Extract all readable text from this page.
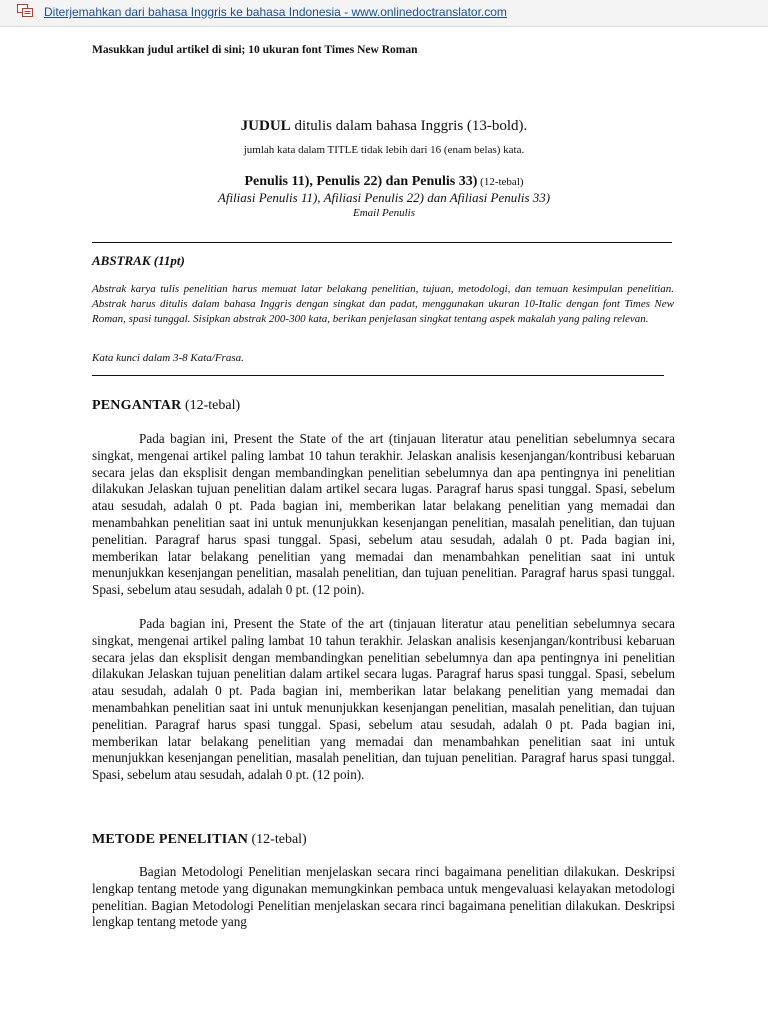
Diterjemahkan dari bahasa Inggris ke bahasa Indonesia - www.onlinedoctranslator.com
Masukkan judul artikel di sini; 10 ukuran font Times New Roman
JUDUL ditulis dalam bahasa Inggris (13-bold).
jumlah kata dalam TITLE tidak lebih dari 16 (enam belas) kata.
Penulis 11), Penulis 22) dan Penulis 33) (12-tebal)
Afiliasi Penulis 11), Afiliasi Penulis 22) dan Afiliasi Penulis 33)
Email Penulis
ABSTRAK (11pt)
Abstrak karya tulis penelitian harus memuat latar belakang penelitian, tujuan, metodologi, dan temuan kesimpulan penelitian. Abstrak harus ditulis dalam bahasa Inggris dengan singkat dan padat, menggunakan ukuran 10-Italic dengan font Times New Roman, spasi tunggal. Sisipkan abstrak 200-300 kata, berikan penjelasan singkat tentang aspek makalah yang paling relevan.
Kata kunci dalam 3-8 Kata/Frasa.
PENGANTAR (12-tebal)

Pada bagian ini, Present the State of the art (tinjauan literatur atau penelitian sebelumnya secara singkat, mengenai artikel paling lambat 10 tahun terakhir. Jelaskan analisis kesenjangan/kontribusi kebaruan secara jelas dan eksplisit dengan membandingkan penelitian sebelumnya dan apa pentingnya ini penelitian dilakukan Jelaskan tujuan penelitian dalam artikel secara lugas. Paragraf harus spasi tunggal. Spasi, sebelum atau sesudah, adalah 0 pt. Pada bagian ini, memberikan latar belakang penelitian yang memadai dan menambahkan penelitian saat ini untuk menunjukkan kesenjangan penelitian, masalah penelitian, dan tujuan penelitian. Paragraf harus spasi tunggal. Spasi, sebelum atau sesudah, adalah 0 pt. Pada bagian ini, memberikan latar belakang penelitian yang memadai dan menambahkan penelitian saat ini untuk menunjukkan kesenjangan penelitian, masalah penelitian, dan tujuan penelitian. Paragraf harus spasi tunggal. Spasi, sebelum atau sesudah, adalah 0 pt. (12 poin).

Pada bagian ini, Present the State of the art (tinjauan literatur atau penelitian sebelumnya secara singkat, mengenai artikel paling lambat 10 tahun terakhir. Jelaskan analisis kesenjangan/kontribusi kebaruan secara jelas dan eksplisit dengan membandingkan penelitian sebelumnya dan apa pentingnya ini penelitian dilakukan Jelaskan tujuan penelitian dalam artikel secara lugas. Paragraf harus spasi tunggal. Spasi, sebelum atau sesudah, adalah 0 pt. Pada bagian ini, memberikan latar belakang penelitian yang memadai dan menambahkan penelitian saat ini untuk menunjukkan kesenjangan penelitian, masalah penelitian, dan tujuan penelitian. Paragraf harus spasi tunggal. Spasi, sebelum atau sesudah, adalah 0 pt. Pada bagian ini, memberikan latar belakang penelitian yang memadai dan menambahkan penelitian saat ini untuk menunjukkan kesenjangan penelitian, masalah penelitian, dan tujuan penelitian. Paragraf harus spasi tunggal. Spasi, sebelum atau sesudah, adalah 0 pt. (12 poin).

METODE PENELITIAN (12-tebal)

Bagian Metodologi Penelitian menjelaskan secara rinci bagaimana penelitian dilakukan. Deskripsi lengkap tentang metode yang digunakan memungkinkan pembaca untuk mengevaluasi kelayakan metodologi penelitian. Bagian Metodologi Penelitian menjelaskan secara rinci bagaimana penelitian dilakukan. Deskripsi lengkap tentang metode yang
